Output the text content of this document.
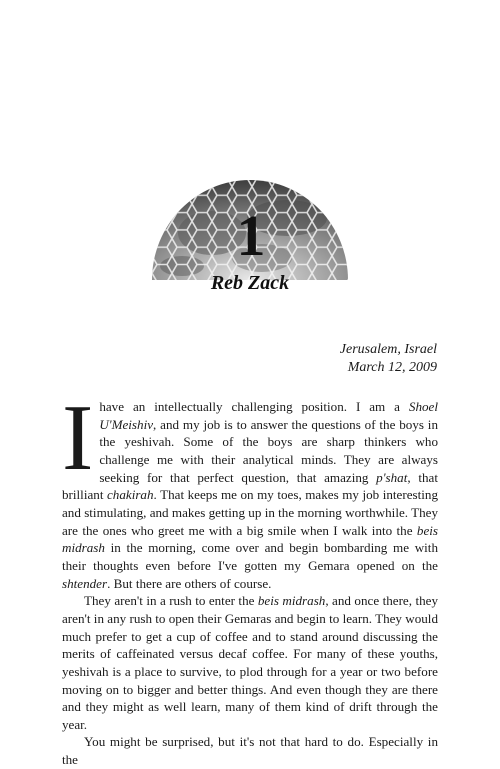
1
Reb Zack
Jerusalem, Israel
March 12, 2009

Ihave an intellectually challenging position. I am a Shoel U'Meishiv, and my job is to answer the questions of the boys in the yeshivah. Some of the boys are sharp thinkers who challenge me with their analytical minds. They are always seeking for that perfect question, that amazing p'shat, that brilliant chakirah. That keeps me on my toes, makes my job interesting and stimulating, and makes getting up in the morning worthwhile. They are the ones who greet me with a big smile when I walk into the beis midrash in the morning, come over and begin bombarding me with their thoughts even before I've gotten my Gemara opened on the shtender. But there are others of course.

They aren't in a rush to enter the beis midrash, and once there, they aren't in any rush to open their Gemaras and begin to learn. They would much prefer to get a cup of coffee and to stand around discussing the merits of caffeinated versus decaf coffee. For many of these youths, yeshivah is a place to survive, to plod through for a year or two before moving on to bigger and better things. And even though they are there and they might as well learn, many of them kind of drift through the year.

You might be surprised, but it's not that hard to do. Especially in the
